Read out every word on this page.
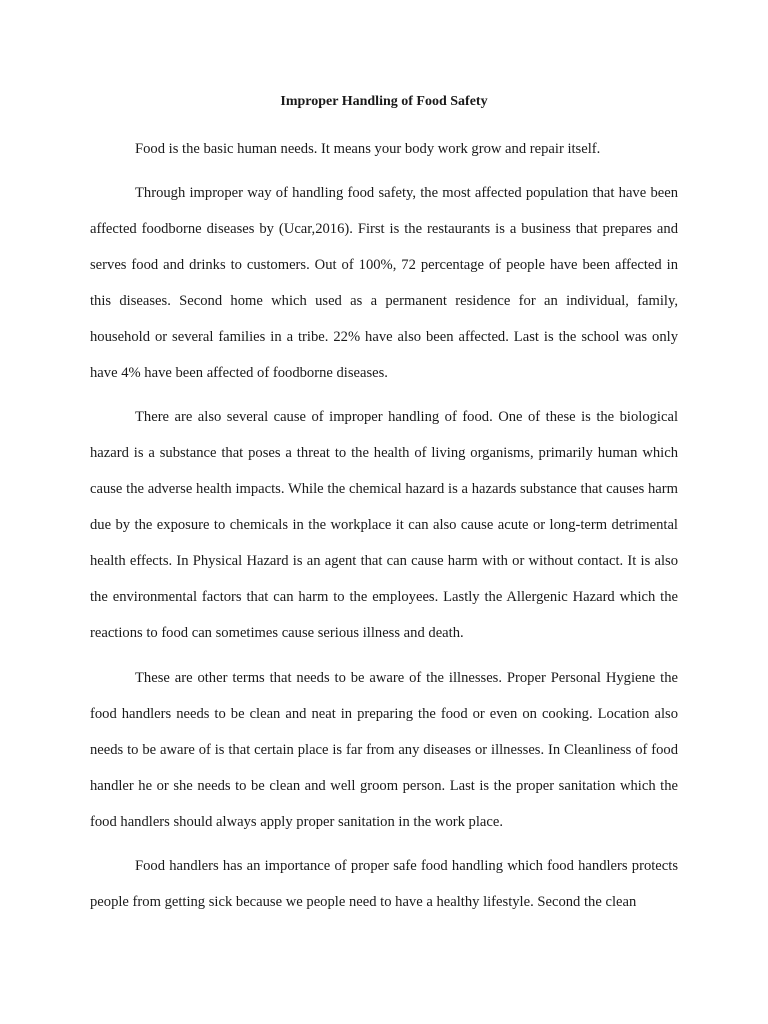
Improper Handling of Food Safety

Food is the basic human needs. It means your body work grow and repair itself.

Through improper way of handling food safety, the most affected population that have been affected foodborne diseases by (Ucar,2016). First is the restaurants is a business that prepares and serves food and drinks to customers. Out of 100%, 72 percentage of people have been affected in this diseases. Second home which used as a permanent residence for an individual, family, household or several families in a tribe. 22% have also been affected. Last is the school was only have 4% have been affected of foodborne diseases.

There are also several cause of improper handling of food. One of these is the biological hazard is a substance that poses a threat to the health of living organisms, primarily human which cause the adverse health impacts. While the chemical hazard is a hazards substance that causes harm due by the exposure to chemicals in the workplace it can also cause acute or long-term detrimental health effects. In Physical Hazard is an agent that can cause harm with or without contact. It is also the environmental factors that can harm to the employees. Lastly the Allergenic Hazard which the reactions to food can sometimes cause serious illness and death.

These are other terms that needs to be aware of the illnesses. Proper Personal Hygiene the food handlers needs to be clean and neat in preparing the food or even on cooking. Location also needs to be aware of is that certain place is far from any diseases or illnesses. In Cleanliness of food handler he or she needs to be clean and well groom person. Last is the proper sanitation which the food handlers should always apply proper sanitation in the work place.

Food handlers has an importance of proper safe food handling which food handlers protects people from getting sick because we people need to have a healthy lifestyle. Second the clean
